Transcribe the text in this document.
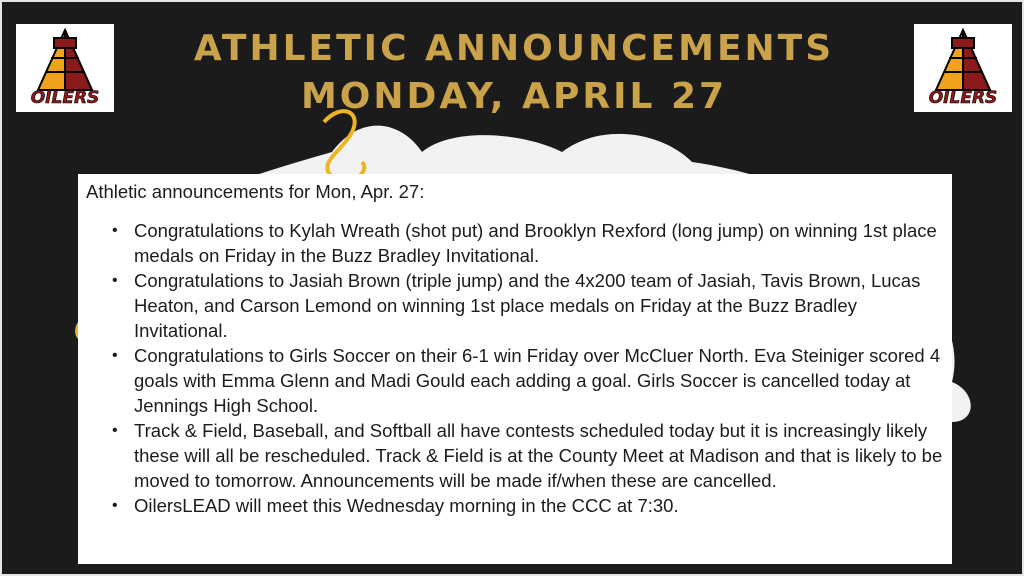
ATHLETIC ANNOUNCEMENTS
MONDAY, APRIL 27
OILERS	OILERS

Athletic announcements for Mon, Apr. 27:

• Congratulations to Kylah Wreath (shot put) and Brooklyn Rexford (long jump) on winning 1st place medals on Friday in the Buzz Bradley Invitational.
• Congratulations to Jasiah Brown (triple jump) and the 4x200 team of Jasiah, Tavis Brown, Lucas Heaton, and Carson Lemond on winning 1st place medals on Friday at the Buzz Bradley Invitational.
• Congratulations to Girls Soccer on their 6-1 win Friday over McCluer North. Eva Steiniger scored 4 goals with Emma Glenn and Madi Gould each adding a goal. Girls Soccer is cancelled today at Jennings High School.
• Track & Field, Baseball, and Softball all have contests scheduled today but it is increasingly likely these will all be rescheduled. Track & Field is at the County Meet at Madison and that is likely to be moved to tomorrow. Announcements will be made if/when these are cancelled.
• OilersLEAD will meet this Wednesday morning in the CCC at 7:30.
